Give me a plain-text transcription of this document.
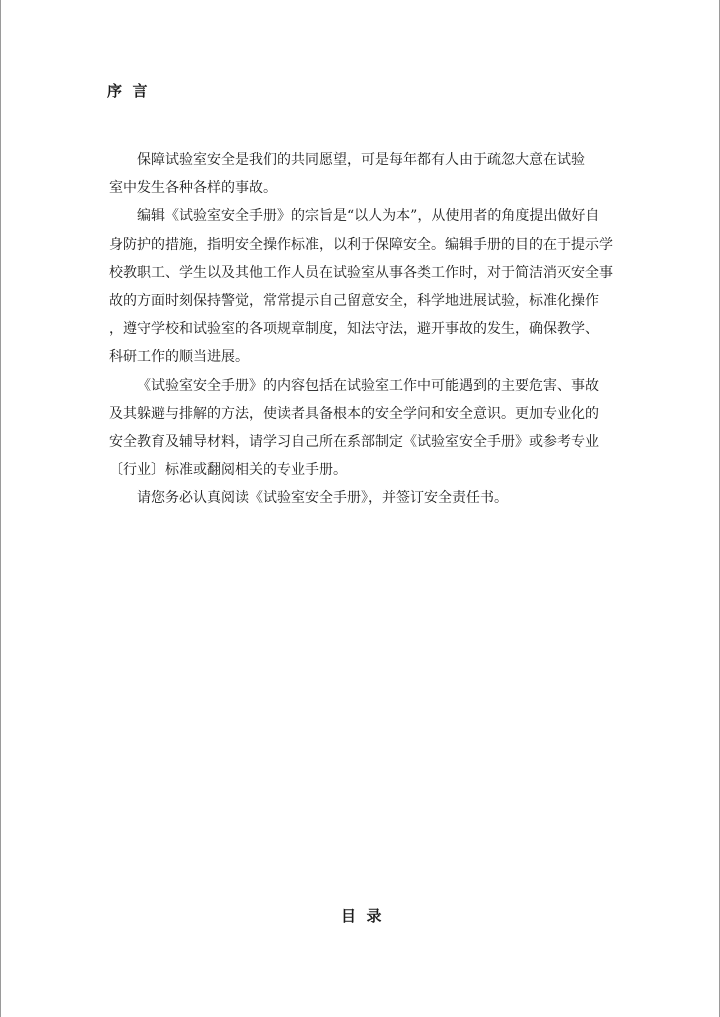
序  言
保障试验室安全是我们的共同愿望，可是每年都有人由于疏忽大意在试验
室中发生各种各样的事故。
编辑《试验室安全手册》的宗旨是“以人为本”，从使用者的角度提出做好自
身防护的措施，指明安全操作标准，以利于保障安全。编辑手册的目的在于提示学
校教职工、学生以及其他工作人员在试验室从事各类工作时，对于简洁消灭安全事
故的方面时刻保持警觉，常常提示自己留意安全，科学地进展试验，标准化操作
，遵守学校和试验室的各项规章制度，知法守法，避开事故的发生，确保教学、
科研工作的顺当进展。
《试验室安全手册》的内容包括在试验室工作中可能遇到的主要危害、事故
及其躲避与排解的方法，使读者具备根本的安全学问和安全意识。更加专业化的
安全教育及辅导材料，请学习自己所在系部制定《试验室安全手册》或参考专业
〔行业〕标准或翻阅相关的专业手册。
请您务必认真阅读《试验室安全手册》，并签订安全责任书。
目  录
